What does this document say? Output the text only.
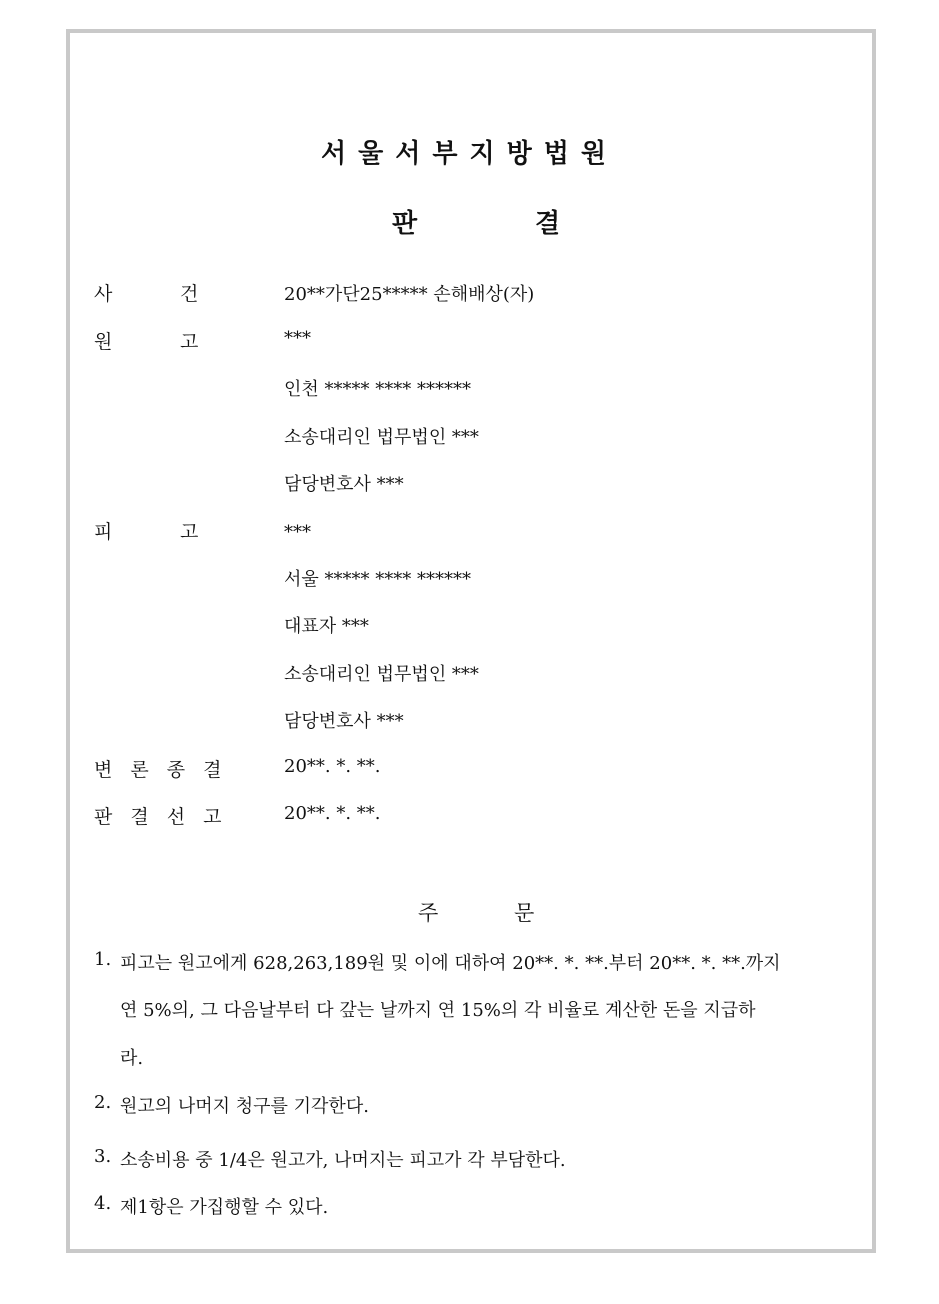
서울서부지방법원
판	결
사	건	20**가단25***** 손해배상(자)
원	고	***
인천 ***** **** ******
소송대리인 법무법인 ***
담당변호사 ***
피	고	***
서울 ***** **** ******
대표자 ***
소송대리인 법무법인 ***
담당변호사 ***
변 론 종 결	20**. *. **.
판 결 선 고	20**. *. **.
주	문
1. 피고는 원고에게 628,263,189원 및 이에 대하여 20**. *. **.부터 20**. *. **.까지
연 5%의, 그 다음날부터 다 갚는 날까지 연 15%의 각 비율로 계산한 돈을 지급하
라.
2. 원고의 나머지 청구를 기각한다.
3. 소송비용 중 1/4은 원고가, 나머지는 피고가 각 부담한다.
4. 제1항은 가집행할 수 있다.
